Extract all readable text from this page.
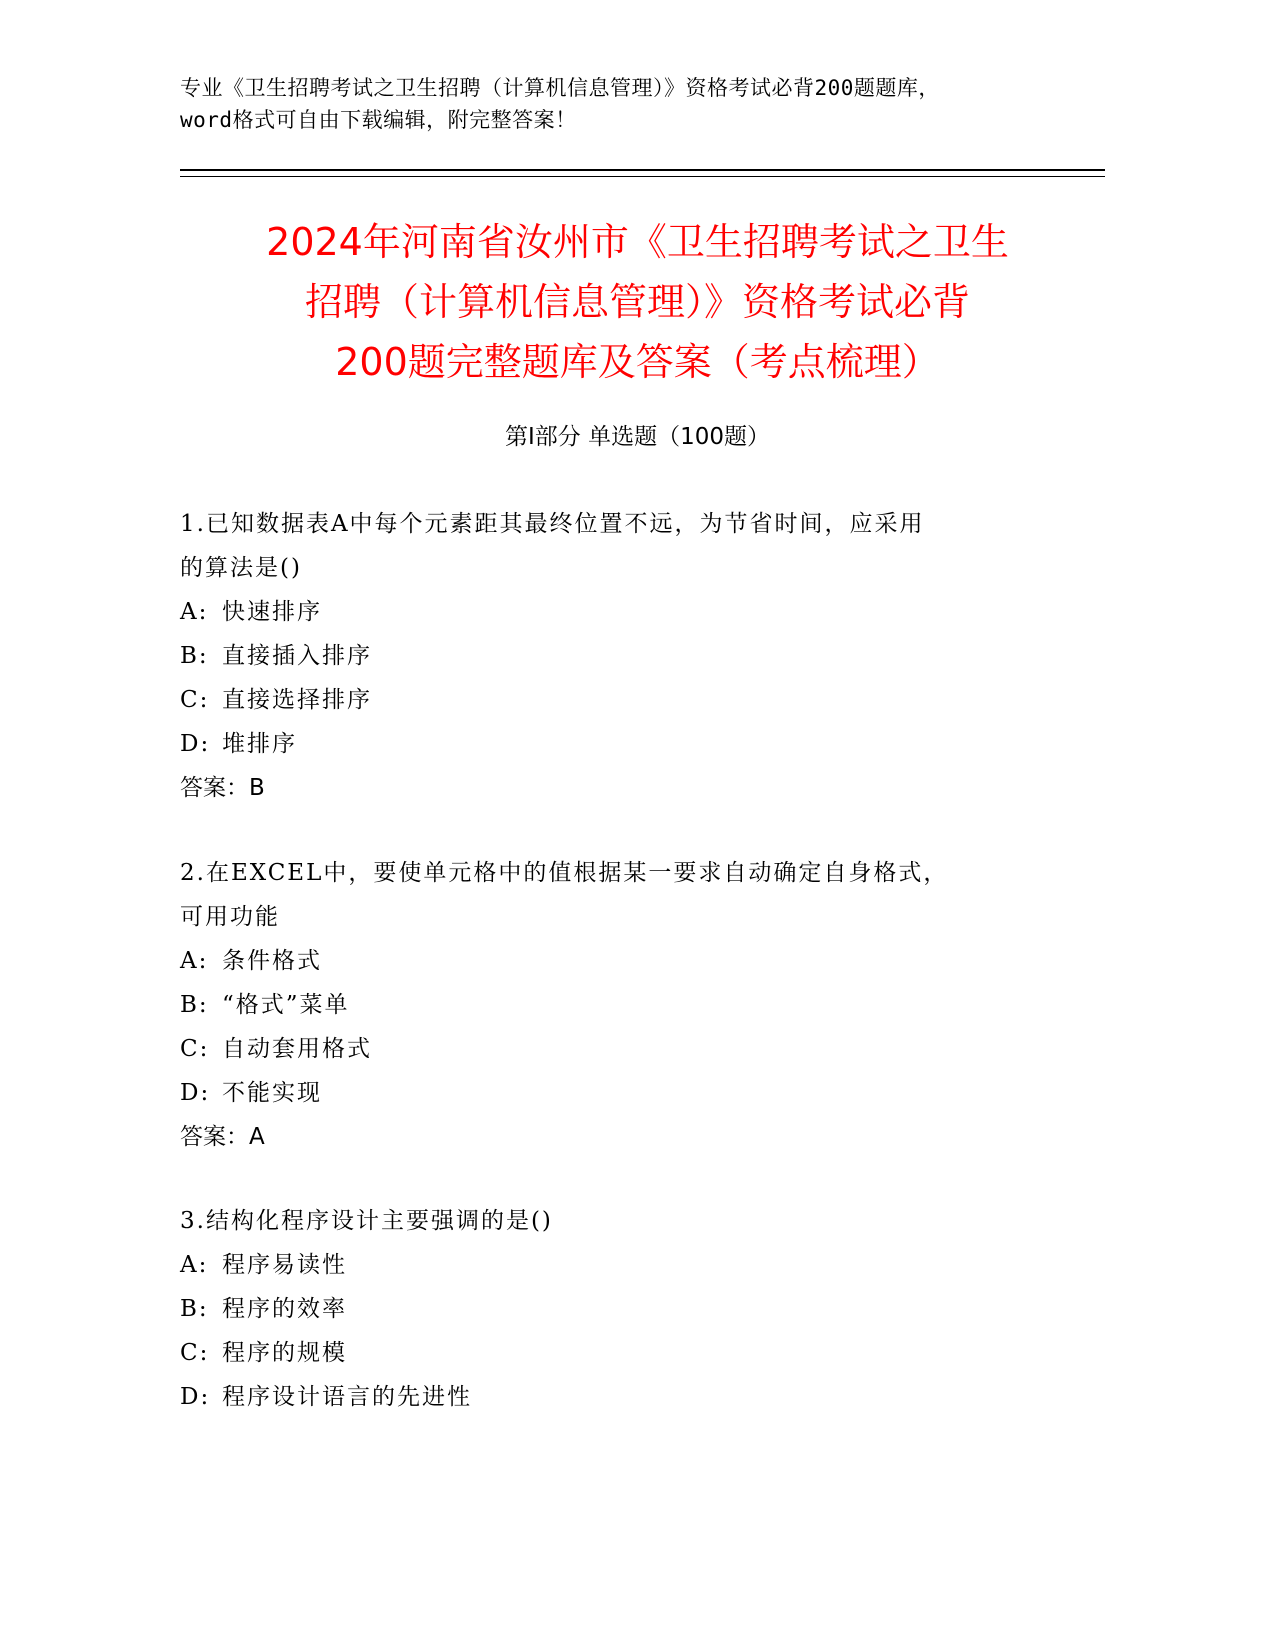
专业《卫生招聘考试之卫生招聘（计算机信息管理）》资格考试必背200题题库，
word格式可自由下载编辑，附完整答案！
2024年河南省汝州市《卫生招聘考试之卫生
招聘（计算机信息管理）》资格考试必背
200题完整题库及答案（考点梳理）
第Ⅰ部分 单选题（100题）
1.已知数据表A中每个元素距其最终位置不远，为节省时间，应采用
的算法是()
A: 快速排序
B: 直接插入排序
C: 直接选择排序
D: 堆排序
答案：B
2.在EXCEL中，要使单元格中的值根据某一要求自动确定自身格式，
可用功能
A: 条件格式
B: “格式”菜单
C: 自动套用格式
D: 不能实现
答案：A
3.结构化程序设计主要强调的是()
A: 程序易读性
B: 程序的效率
C: 程序的规模
D: 程序设计语言的先进性
